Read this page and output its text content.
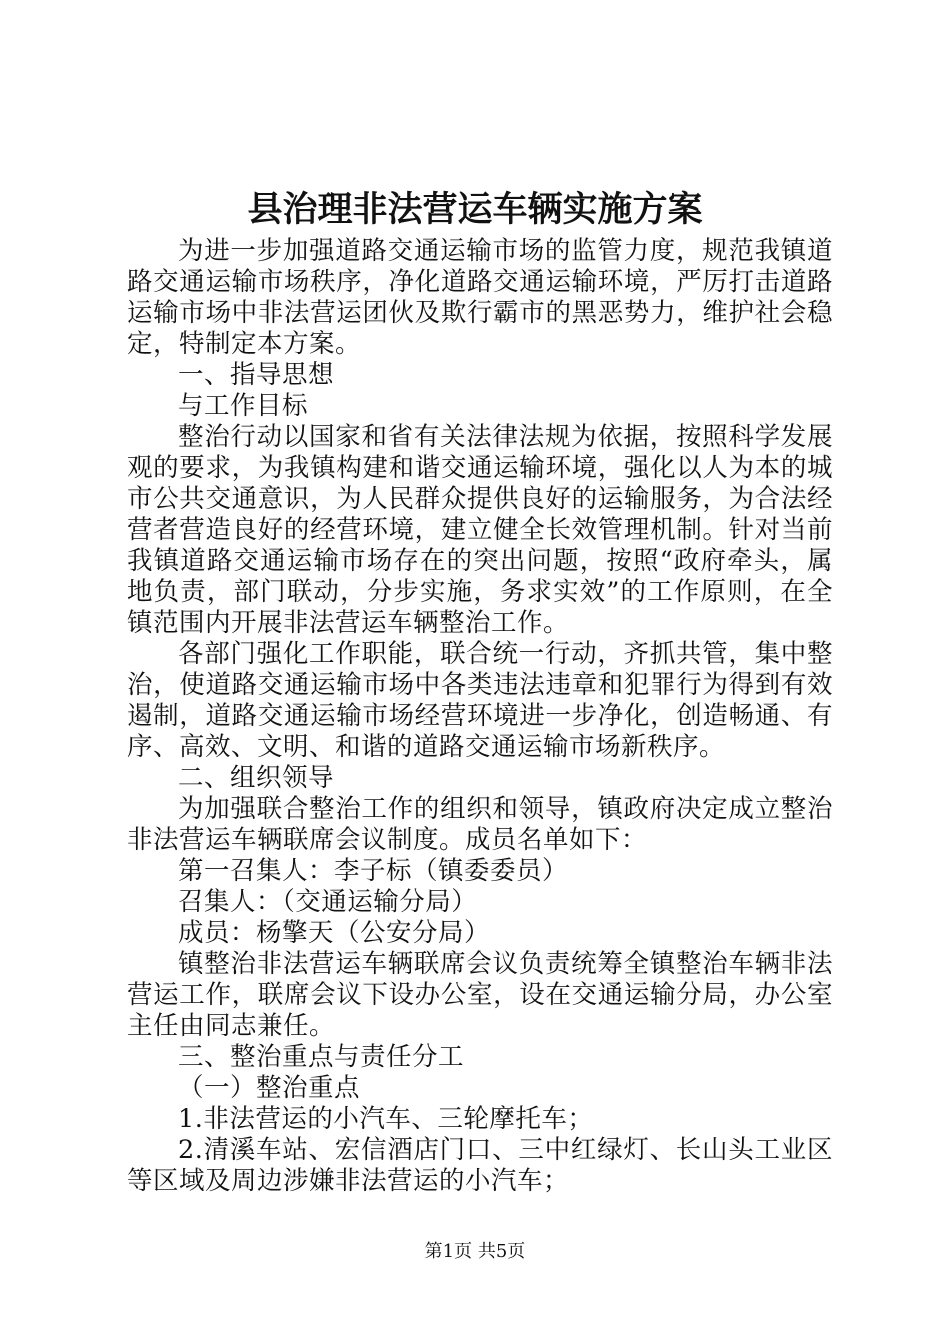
县治理非法营运车辆实施方案

为进一步加强道路交通运输市场的监管力度，规范我镇道路交通运输市场秩序，净化道路交通运输环境，严厉打击道路运输市场中非法营运团伙及欺行霸市的黑恶势力，维护社会稳定，特制定本方案。

一、指导思想

与工作目标

整治行动以国家和省有关法律法规为依据，按照科学发展观的要求，为我镇构建和谐交通运输环境，强化以人为本的城市公共交通意识，为人民群众提供良好的运输服务，为合法经营者营造良好的经营环境，建立健全长效管理机制。针对当前我镇道路交通运输市场存在的突出问题，按照“政府牵头，属地负责，部门联动，分步实施，务求实效”的工作原则，在全镇范围内开展非法营运车辆整治工作。

各部门强化工作职能，联合统一行动，齐抓共管，集中整治，使道路交通运输市场中各类违法违章和犯罪行为得到有效遏制，道路交通运输市场经营环境进一步净化，创造畅通、有序、高效、文明、和谐的道路交通运输市场新秩序。

二、组织领导

为加强联合整治工作的组织和领导，镇政府决定成立整治非法营运车辆联席会议制度。成员名单如下：

第一召集人：李子标（镇委委员）

召集人：（交通运输分局）

成员：杨擎天（公安分局）

镇整治非法营运车辆联席会议负责统筹全镇整治车辆非法营运工作，联席会议下设办公室，设在交通运输分局，办公室主任由同志兼任。

三、整治重点与责任分工

（一）整治重点

1.非法营运的小汽车、三轮摩托车；

2.清溪车站、宏信酒店门口、三中红绿灯、长山头工业区等区域及周边涉嫌非法营运的小汽车；

第1页 共5页
